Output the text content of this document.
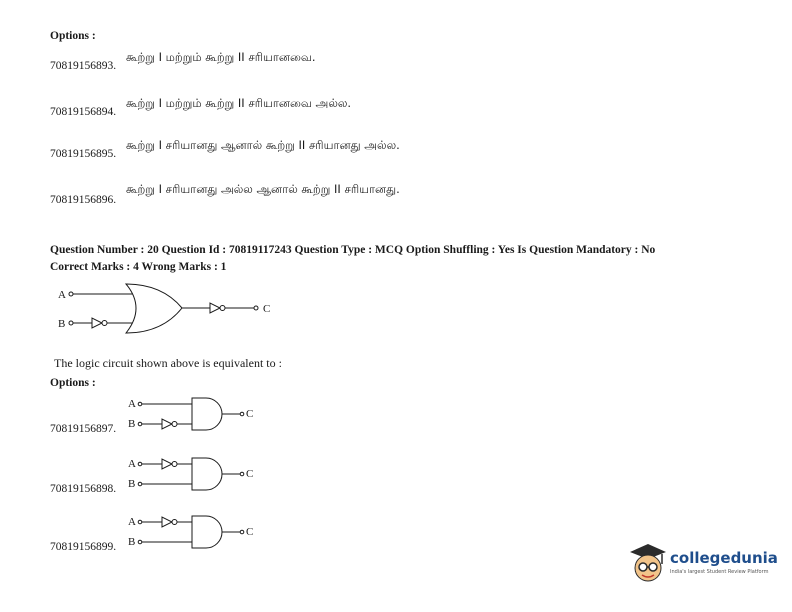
Options :
70819156893.
கூற்று I மற்றும் கூற்று II சரியானவை.
70819156894.
கூற்று I மற்றும் கூற்று II சரியானவை அல்ல.
70819156895.
கூற்று I சரியானது ஆனால் கூற்று II சரியானது அல்ல.
70819156896.
கூற்று I சரியானது அல்ல ஆனால் கூற்று II சரியானது.
Question Number : 20 Question Id : 70819117243 Question Type : MCQ Option Shuffling : Yes Is Question Mandatory : No
Correct Marks : 4 Wrong Marks : 1
A
B
C
The logic circuit shown above is equivalent to :
Options :
70819156897.
A
B
C
70819156898.
A
B
C
70819156899.
A
B
C
collegedunia
India's largest Student Review Platform
